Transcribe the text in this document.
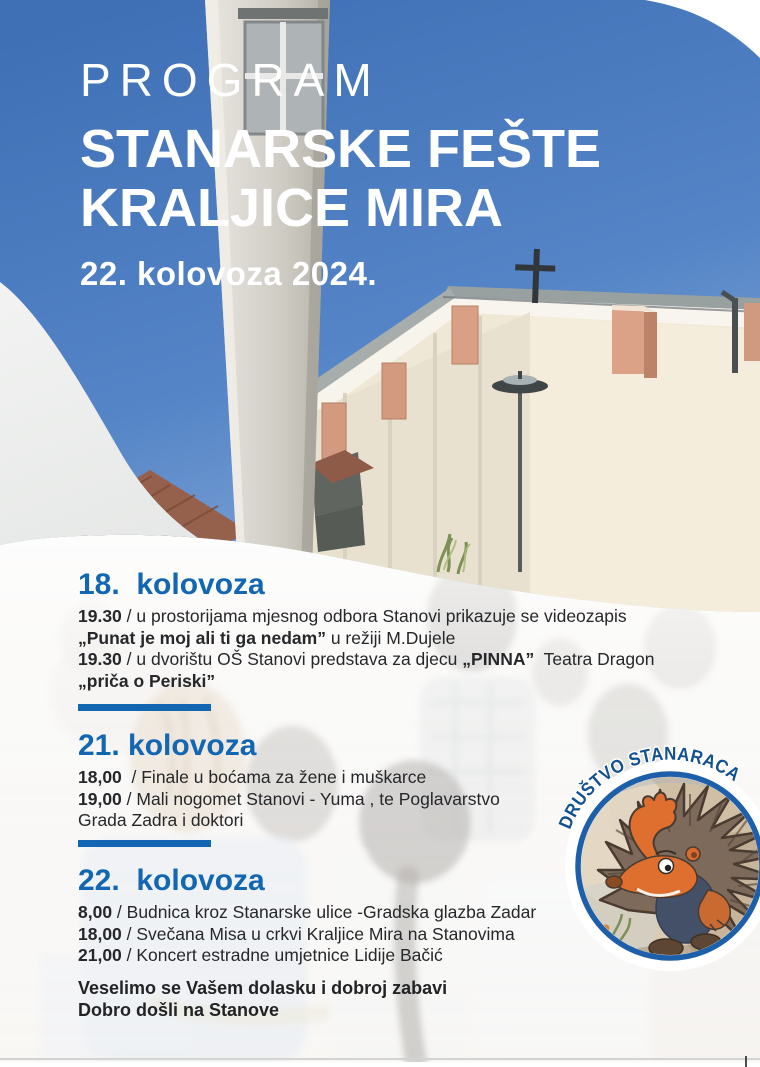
PROGRAM
STANARSKE FEŠTE
KRALJICE MIRA
22. kolovoza 2024.
18.  kolovoza

19.30 / u prostorijama mjesnog odbora Stanovi prikazuje se videozapis

„Punat je moj ali ti ga nedam” u režiji M.Dujele

19.30 / u dvorištu OŠ Stanovi predstava za djecu „PINNA”  Teatra Dragon

„priča o Periski”

21. kolovoza

18,00  / Finale u boćama za žene i muškarce

19,00 / Mali nogomet Stanovi - Yuma , te Poglavarstvo

Grada Zadra i doktori

22.  kolovoza

8,00 / Budnica kroz Stanarske ulice -Gradska glazba Zadar

18,00 / Svečana Misa u crkvi Kraljice Mira na Stanovima

21,00 / Koncert estradne umjetnice Lidije Bačić

Veselimo se Vašem dolasku i dobroj zabavi

Dobro došli na Stanove

DRUŠTVO STANARACA
